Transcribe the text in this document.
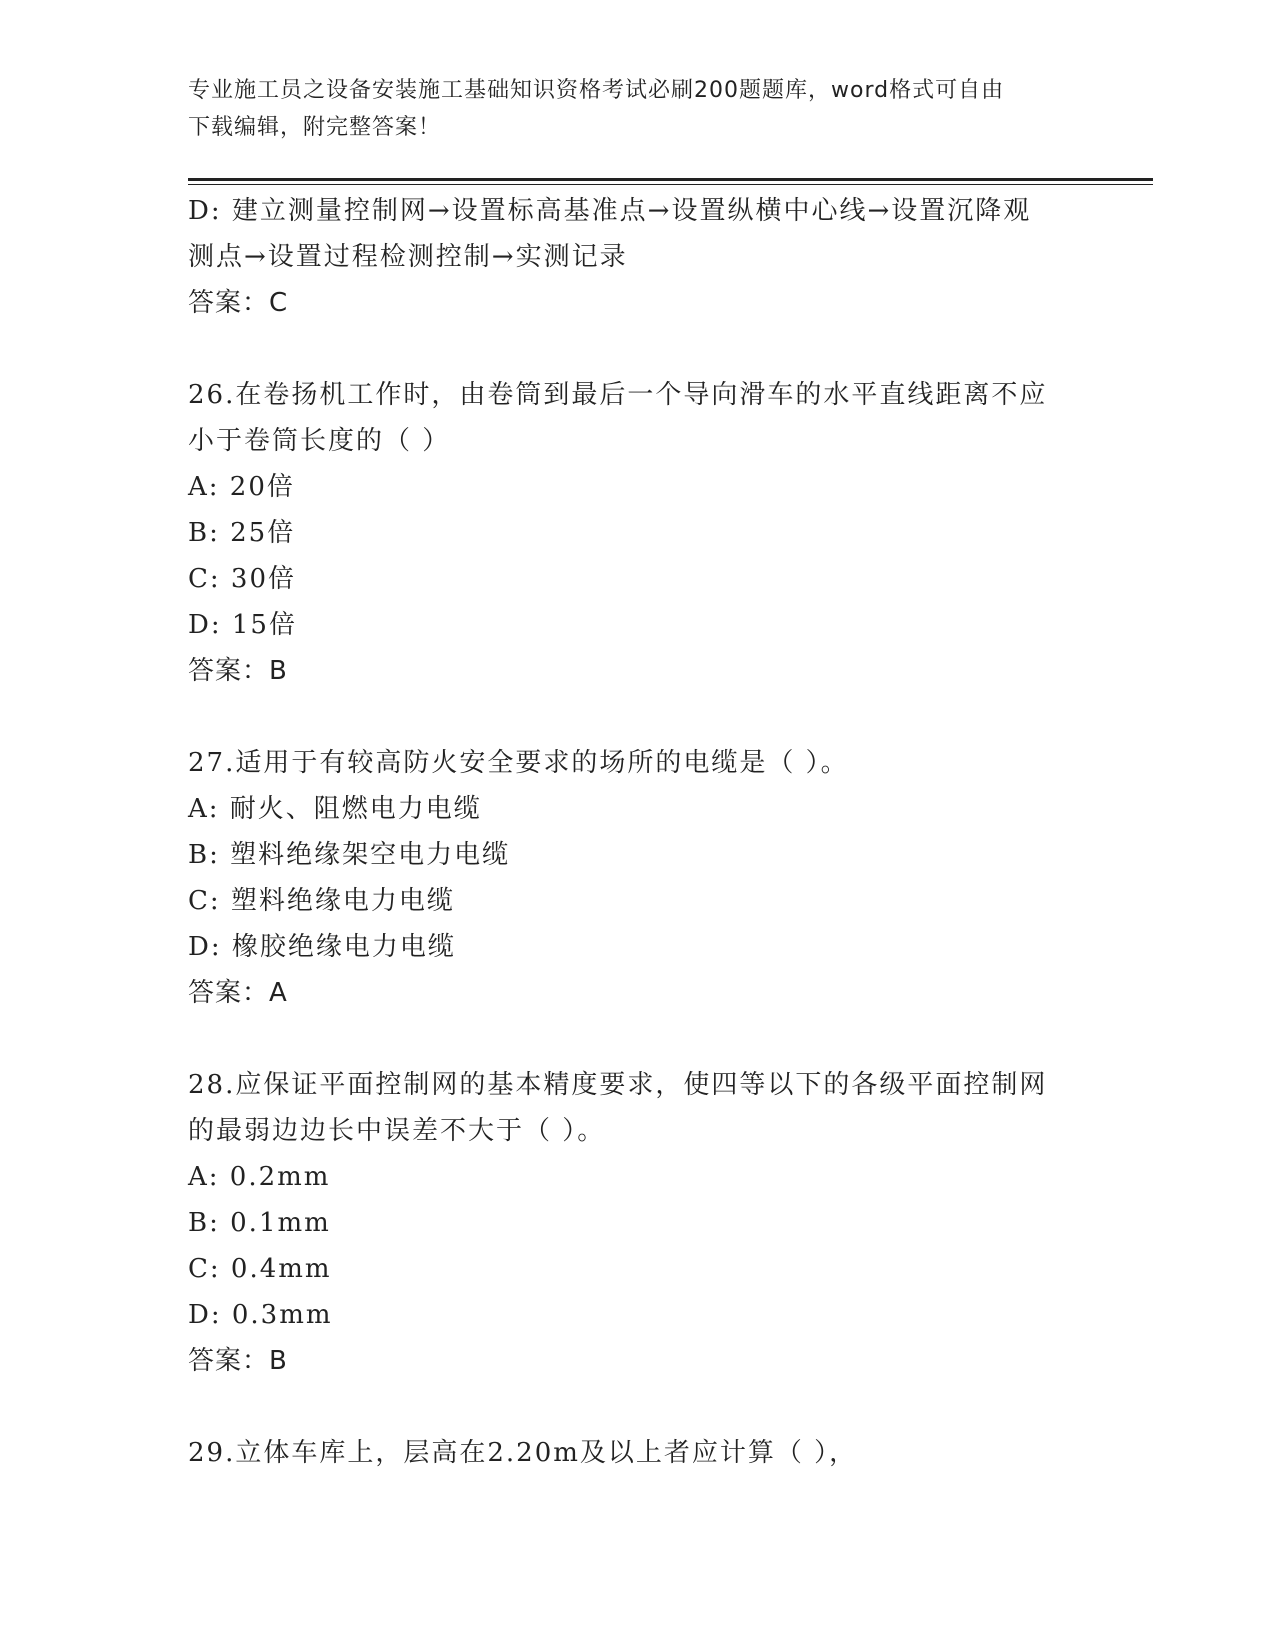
专业施工员之设备安装施工基础知识资格考试必刷200题题库，word格式可自由
下载编辑，附完整答案！
D: 建立测量控制网→设置标高基准点→设置纵横中心线→设置沉降观
测点→设置过程检测控制→实测记录
答案：C
26.在卷扬机工作时，由卷筒到最后一个导向滑车的水平直线距离不应
小于卷筒长度的（ ）
A: 20倍
B: 25倍
C: 30倍
D: 15倍
答案：B
27.适用于有较高防火安全要求的场所的电缆是（ ）。
A: 耐火、阻燃电力电缆
B: 塑料绝缘架空电力电缆
C: 塑料绝缘电力电缆
D: 橡胶绝缘电力电缆
答案：A
28.应保证平面控制网的基本精度要求，使四等以下的各级平面控制网
的最弱边边长中误差不大于（ ）。
A: 0.2mm
B: 0.1mm
C: 0.4mm
D: 0.3mm
答案：B
29.立体车库上，层高在2.20m及以上者应计算（ ），
